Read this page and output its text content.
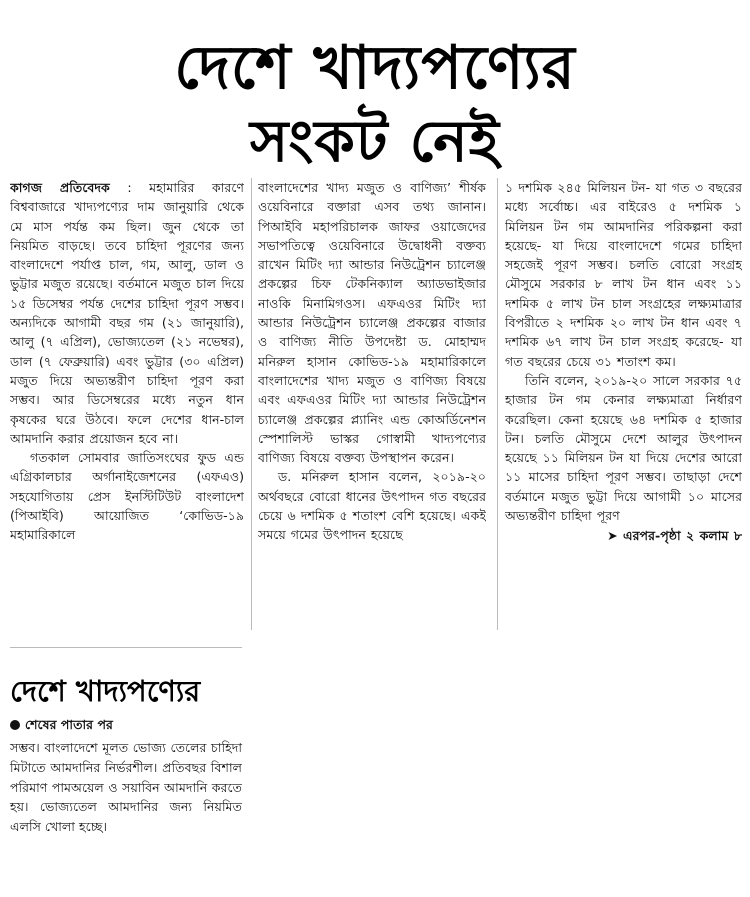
দেশে খাদ্যপণ্যের
সংকট নেই

কাগজ প্রতিবেদক : মহামারির কারণে বিশ্ববাজারে খাদ্যপণ্যের দাম জানুয়ারি থেকে মে মাস পর্যন্ত কম ছিল। জুন থেকে তা নিয়মিত বাড়ছে। তবে চাহিদা পূরণের জন্য বাংলাদেশে পর্যাপ্ত চাল, গম, আলু, ডাল ও ভুট্টার মজুত রয়েছে। বর্তমানে মজুত চাল দিয়ে ১৫ ডিসেম্বর পর্যন্ত দেশের চাহিদা পূরণ সম্ভব। অন্যদিকে আগামী বছর গম (২১ জানুয়ারি), আলু (৭ এপ্রিল), ভোজ্যতেল (২১ নভেম্বর), ডাল (৭ ফেব্রুয়ারি) এবং ভুট্টার (৩০ এপ্রিল) মজুত দিয়ে অভ্যন্তরীণ চাহিদা পূরণ করা সম্ভব। আর ডিসেম্বরের মধ্যে নতুন ধান কৃষকের ঘরে উঠবে। ফলে দেশের ধান-চাল আমদানি করার প্রয়োজন হবে না।

গতকাল সোমবার জাতিসংঘের ফুড এন্ড এগ্রিকালচার অর্গানাইজেশনের (এফএও) সহযোগিতায় প্রেস ইনস্টিটিউট বাংলাদেশ (পিআইবি) আয়োজিত ‘কোভিড-১৯ মহামারিকালে

বাংলাদেশের খাদ্য মজুত ও বাণিজ্য’ শীর্ষক ওয়েবিনারে বক্তারা এসব তথ্য জানান। পিআইবি মহাপরিচালক জাফর ওয়াজেদের সভাপতিত্বে ওয়েবিনারে উদ্বোধনী বক্তব্য রাখেন মিটিং দ্যা আন্ডার নিউট্রেশন চ্যালেঞ্জ প্রকল্পের চিফ টেকনিক্যাল অ্যাডভাইজার নাওকি মিনামিগওস। এফএওর মিটিং দ্যা আন্ডার নিউট্রেশন চ্যালেঞ্জ প্রকল্পের বাজার ও বাণিজ্য নীতি উপদেষ্টা ড. মোহাম্মদ মনিরুল হাসান কোভিড-১৯ মহামারিকালে বাংলাদেশের খাদ্য মজুত ও বাণিজ্য বিষয়ে এবং এফএওর মিটিং দ্যা আন্ডার নিউট্রেশন চ্যালেঞ্জ প্রকল্পের প্ল্যানিং এন্ড কোঅর্ডিনেশন স্পেশালিস্ট ভাস্কর গোস্বামী খাদ্যপণ্যের বাণিজ্য বিষয়ে বক্তব্য উপস্থাপন করেন।

ড. মনিরুল হাসান বলেন, ২০১৯-২০ অর্থবছরে বোরো ধানের উৎপাদন গত বছরের চেয়ে ৬ দশমিক ৫ শতাংশ বেশি হয়েছে। একই সময়ে গমের উৎপাদন হয়েছে

১ দশমিক ২৪৫ মিলিয়ন টন- যা গত ৩ বছরের মধ্যে সর্বোচ্চ। এর বাইরেও ৫ দশমিক ১ মিলিয়ন টন গম আমদানির পরিকল্পনা করা হয়েছে- যা দিয়ে বাংলাদেশে গমের চাহিদা সহজেই পূরণ সম্ভব। চলতি বোরো সংগ্রহ মৌসুমে সরকার ৮ লাখ টন ধান এবং ১১ দশমিক ৫ লাখ টন চাল সংগ্রহের লক্ষ্যমাত্রার বিপরীতে ২ দশমিক ২০ লাখ টন ধান এবং ৭ দশমিক ৬৭ লাখ টন চাল সংগ্রহ করেছে- যা গত বছরের চেয়ে ৩১ শতাংশ কম।

তিনি বলেন, ২০১৯-২০ সালে সরকার ৭৫ হাজার টন গম কেনার লক্ষ্যমাত্রা নির্ধারণ করেছিল। কেনা হয়েছে ৬৪ দশমিক ৫ হাজার টন। চলতি মৌসুমে দেশে আলুর উৎপাদন হয়েছে ১১ মিলিয়ন টন যা দিয়ে দেশের আরো ১১ মাসের চাহিদা পূরণ সম্ভব। তাছাড়া দেশে বর্তমানে মজুত ভুট্টা দিয়ে আগামী ১০ মাসের অভ্যন্তরীণ চাহিদা পূরণ

➤ এরপর-পৃষ্ঠা ২ কলাম ৮
দেশে খাদ্যপণ্যের
শেষের পাতার পর

সম্ভব। বাংলাদেশে মূলত ভোজ্য তেলের চাহিদা মিটাতে আমদানির নির্ভরশীল। প্রতিবছর বিশাল পরিমাণ পামঅয়েল ও সয়াবিন আমদানি করতে হয়। ভোজ্যতেল আমদানির জন্য নিয়মিত এলসি খোলা হচ্ছে।
